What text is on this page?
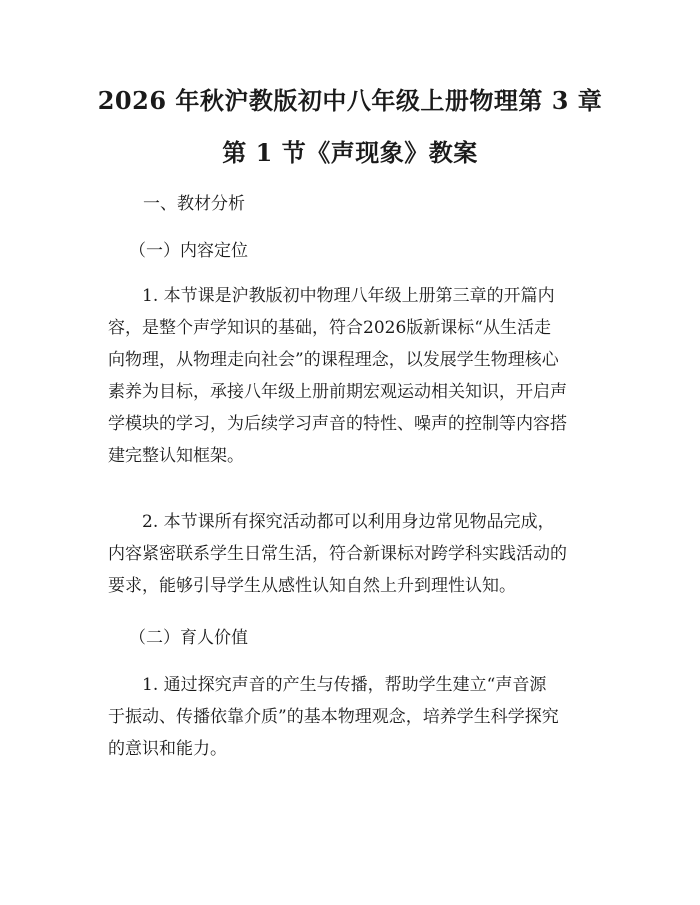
2026 年秋沪教版初中八年级上册物理第 3 章
第 1 节《声现象》教案
一、教材分析
（一）内容定位
　　1. 本节课是沪教版初中物理八年级上册第三章的开篇内
容，是整个声学知识的基础，符合2026版新课标“从生活走
向物理，从物理走向社会”的课程理念，以发展学生物理核心
素养为目标，承接八年级上册前期宏观运动相关知识，开启声
学模块的学习，为后续学习声音的特性、噪声的控制等内容搭
建完整认知框架。
　　2. 本节课所有探究活动都可以利用身边常见物品完成，
内容紧密联系学生日常生活，符合新课标对跨学科实践活动的
要求，能够引导学生从感性认知自然上升到理性认知。
（二）育人价值
　　1. 通过探究声音的产生与传播，帮助学生建立“声音源
于振动、传播依靠介质”的基本物理观念，培养学生科学探究
的意识和能力。
